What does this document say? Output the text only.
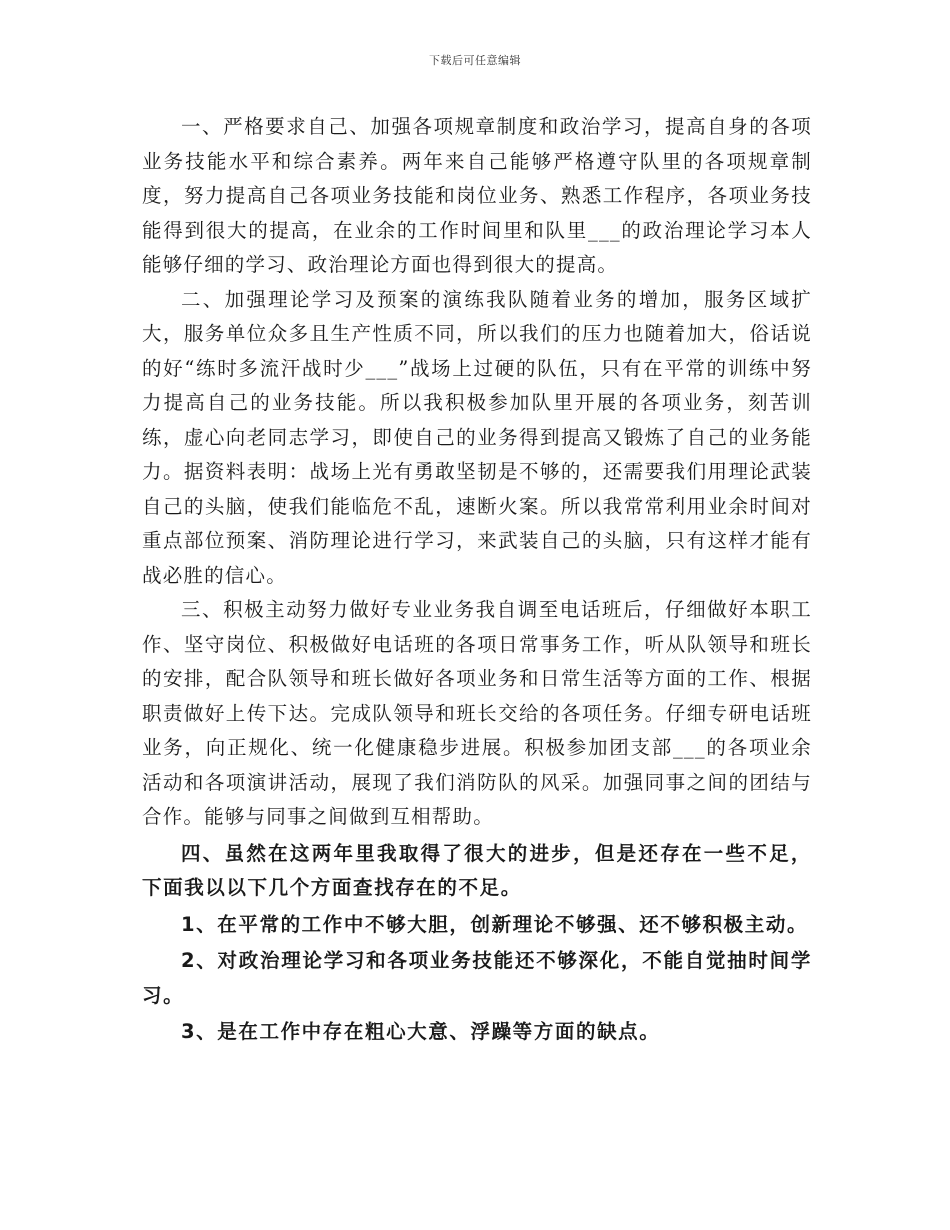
下载后可任意编辑

一、严格要求自己、加强各项规章制度和政治学习，提高自身的各项业务技能水平和综合素养。两年来自己能够严格遵守队里的各项规章制度，努力提高自己各项业务技能和岗位业务、熟悉工作程序，各项业务技能得到很大的提高，在业余的工作时间里和队里___的政治理论学习本人能够仔细的学习、政治理论方面也得到很大的提高。

二、加强理论学习及预案的演练我队随着业务的增加，服务区域扩大，服务单位众多且生产性质不同，所以我们的压力也随着加大，俗话说的好“练时多流汗战时少___”战场上过硬的队伍，只有在平常的训练中努力提高自己的业务技能。所以我积极参加队里开展的各项业务，刻苦训练，虚心向老同志学习，即使自己的业务得到提高又锻炼了自己的业务能力。据资料表明：战场上光有勇敢坚韧是不够的，还需要我们用理论武装自己的头脑，使我们能临危不乱，速断火案。所以我常常利用业余时间对重点部位预案、消防理论进行学习，来武装自己的头脑，只有这样才能有战必胜的信心。

三、积极主动努力做好专业业务我自调至电话班后，仔细做好本职工作、坚守岗位、积极做好电话班的各项日常事务工作，听从队领导和班长的安排，配合队领导和班长做好各项业务和日常生活等方面的工作、根据职责做好上传下达。完成队领导和班长交给的各项任务。仔细专研电话班业务，向正规化、统一化健康稳步进展。积极参加团支部___的各项业余活动和各项演讲活动，展现了我们消防队的风采。加强同事之间的团结与合作。能够与同事之间做到互相帮助。

四、虽然在这两年里我取得了很大的进步，但是还存在一些不足，下面我以以下几个方面查找存在的不足。

1、在平常的工作中不够大胆，创新理论不够强、还不够积极主动。

2、对政治理论学习和各项业务技能还不够深化，不能自觉抽时间学习。

3、是在工作中存在粗心大意、浮躁等方面的缺点。
